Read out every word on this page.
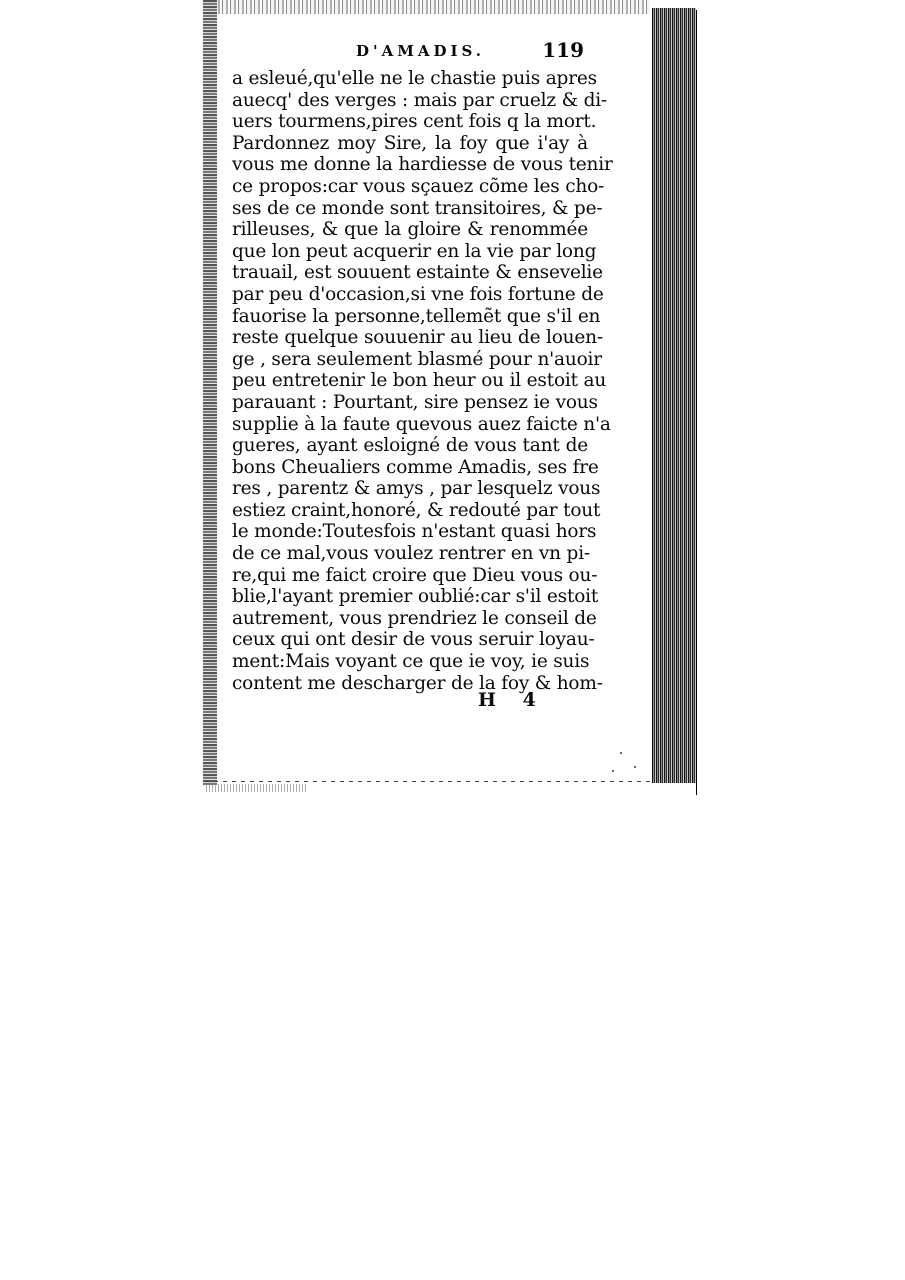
D'AMADIS.	119
a esleué,qu'elle ne le chastie puis apres
auecq' des verges : mais par cruelz & di-
uers tourmens,pires cent fois q la mort.
Pardonnez moy Sire, la foy que i'ay à
vous me donne la hardiesse de vous tenir
ce propos:car vous sçauez cõme les cho-
ses de ce monde sont transitoires, & pe-
rilleuses, & que la gloire & renommée
que lon peut acquerir en la vie par long
trauail, est souuent estainte & ensevelie
par peu d'occasion,si vne fois fortune de
fauorise la personne,tellemẽt que s'il en
reste quelque souuenir au lieu de louen-
ge , sera seulement blasmé pour n'auoir
peu entretenir le bon heur ou il estoit au
parauant : Pourtant, sire pensez ie vous
supplie à la faute quevous auez faicte n'a
gueres, ayant esloigné de vous tant de
bons Cheualiers comme Amadis, ses fre
res , parentz & amys , par lesquelz vous
estiez craint,honoré, & redouté par tout
le monde:Toutesfois n'estant quasi hors
de ce mal,vous voulez rentrer en vn pi-
re,qui me faict croire que Dieu vous ou-
blie,l'ayant premier oublié:car s'il estoit
autrement, vous prendriez le conseil de
ceux qui ont desir de vous seruir loyau-
ment:Mais voyant ce que ie voy, ie suis
content me descharger de la foy & hom-
H 4
